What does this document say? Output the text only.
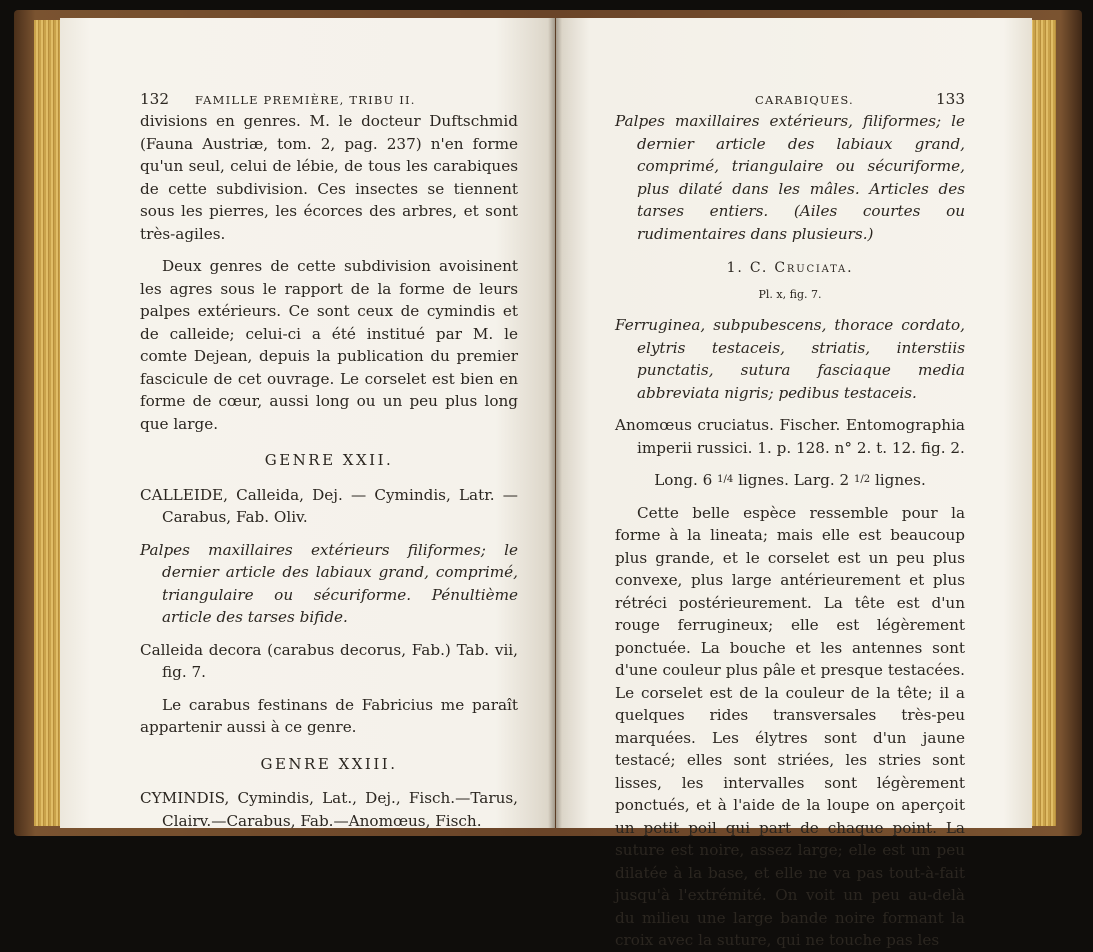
132	FAMILLE PREMIÈRE, TRIBU II.

divisions en genres. M. le docteur Duftschmid (Fauna Austriæ, tom. 2, pag. 237) n'en forme qu'un seul, celui de lébie, de tous les carabiques de cette subdivision. Ces insectes se tiennent sous les pierres, les écorces des arbres, et sont très-agiles.

Deux genres de cette subdivision avoisinent les agres sous le rapport de la forme de leurs palpes extérieurs. Ce sont ceux de cymindis et de calleide; celui-ci a été institué par M. le comte Dejean, depuis la publication du premier fascicule de cet ouvrage. Le corselet est bien en forme de cœur, aussi long ou un peu plus long que large.

GENRE XXII.

CALLEIDE, Calleida, Dej. — Cymindis, Latr. — Carabus, Fab. Oliv.

Palpes maxillaires extérieurs filiformes; le dernier article des labiaux grand, comprimé, triangulaire ou sécuriforme. Pénultième article des tarses bifide.

Calleida decora (carabus decorus, Fab.) Tab. vii, fig. 7.

Le carabus festinans de Fabricius me paraît appartenir aussi à ce genre.

GENRE XXIII.

CYMINDIS, Cymindis, Lat., Dej., Fisch.—Tarus, Clairv.—Carabus, Fab.—Anomœus, Fisch.

CARABIQUES.	133

Palpes maxillaires extérieurs, filiformes; le dernier article des labiaux grand, comprimé, triangulaire ou sécuriforme, plus dilaté dans les mâles. Articles des tarses entiers. (Ailes courtes ou rudimentaires dans plusieurs.)

1. C. Cruciata.
Pl. x, fig. 7.

Ferruginea, subpubescens, thorace cordato, elytris testaceis, striatis, interstiis punctatis, sutura fasciaque media abbreviata nigris; pedibus testaceis.

Anomœus cruciatus. Fischer. Entomographia imperii russici. 1. p. 128. n° 2. t. 12. fig. 2.

Long. 6 1/4 lignes. Larg. 2 1/2 lignes.

Cette belle espèce ressemble pour la forme à la lineata; mais elle est beaucoup plus grande, et le corselet est un peu plus convexe, plus large antérieurement et plus rétréci postérieurement. La tête est d'un rouge ferrugineux; elle est légèrement ponctuée. La bouche et les antennes sont d'une couleur plus pâle et presque testacées. Le corselet est de la couleur de la tête; il a quelques rides transversales très-peu marquées. Les élytres sont d'un jaune testacé; elles sont striées, les stries sont lisses, les intervalles sont légèrement ponctués, et à l'aide de la loupe on aperçoit un petit poil qui part de chaque point. La suture est noire, assez large; elle est un peu dilatée à la base, et elle ne va pas tout-à-fait jusqu'à l'extrémité. On voit un peu au-delà du milieu une large bande noire formant la croix avec la suture, qui ne touche pas les
